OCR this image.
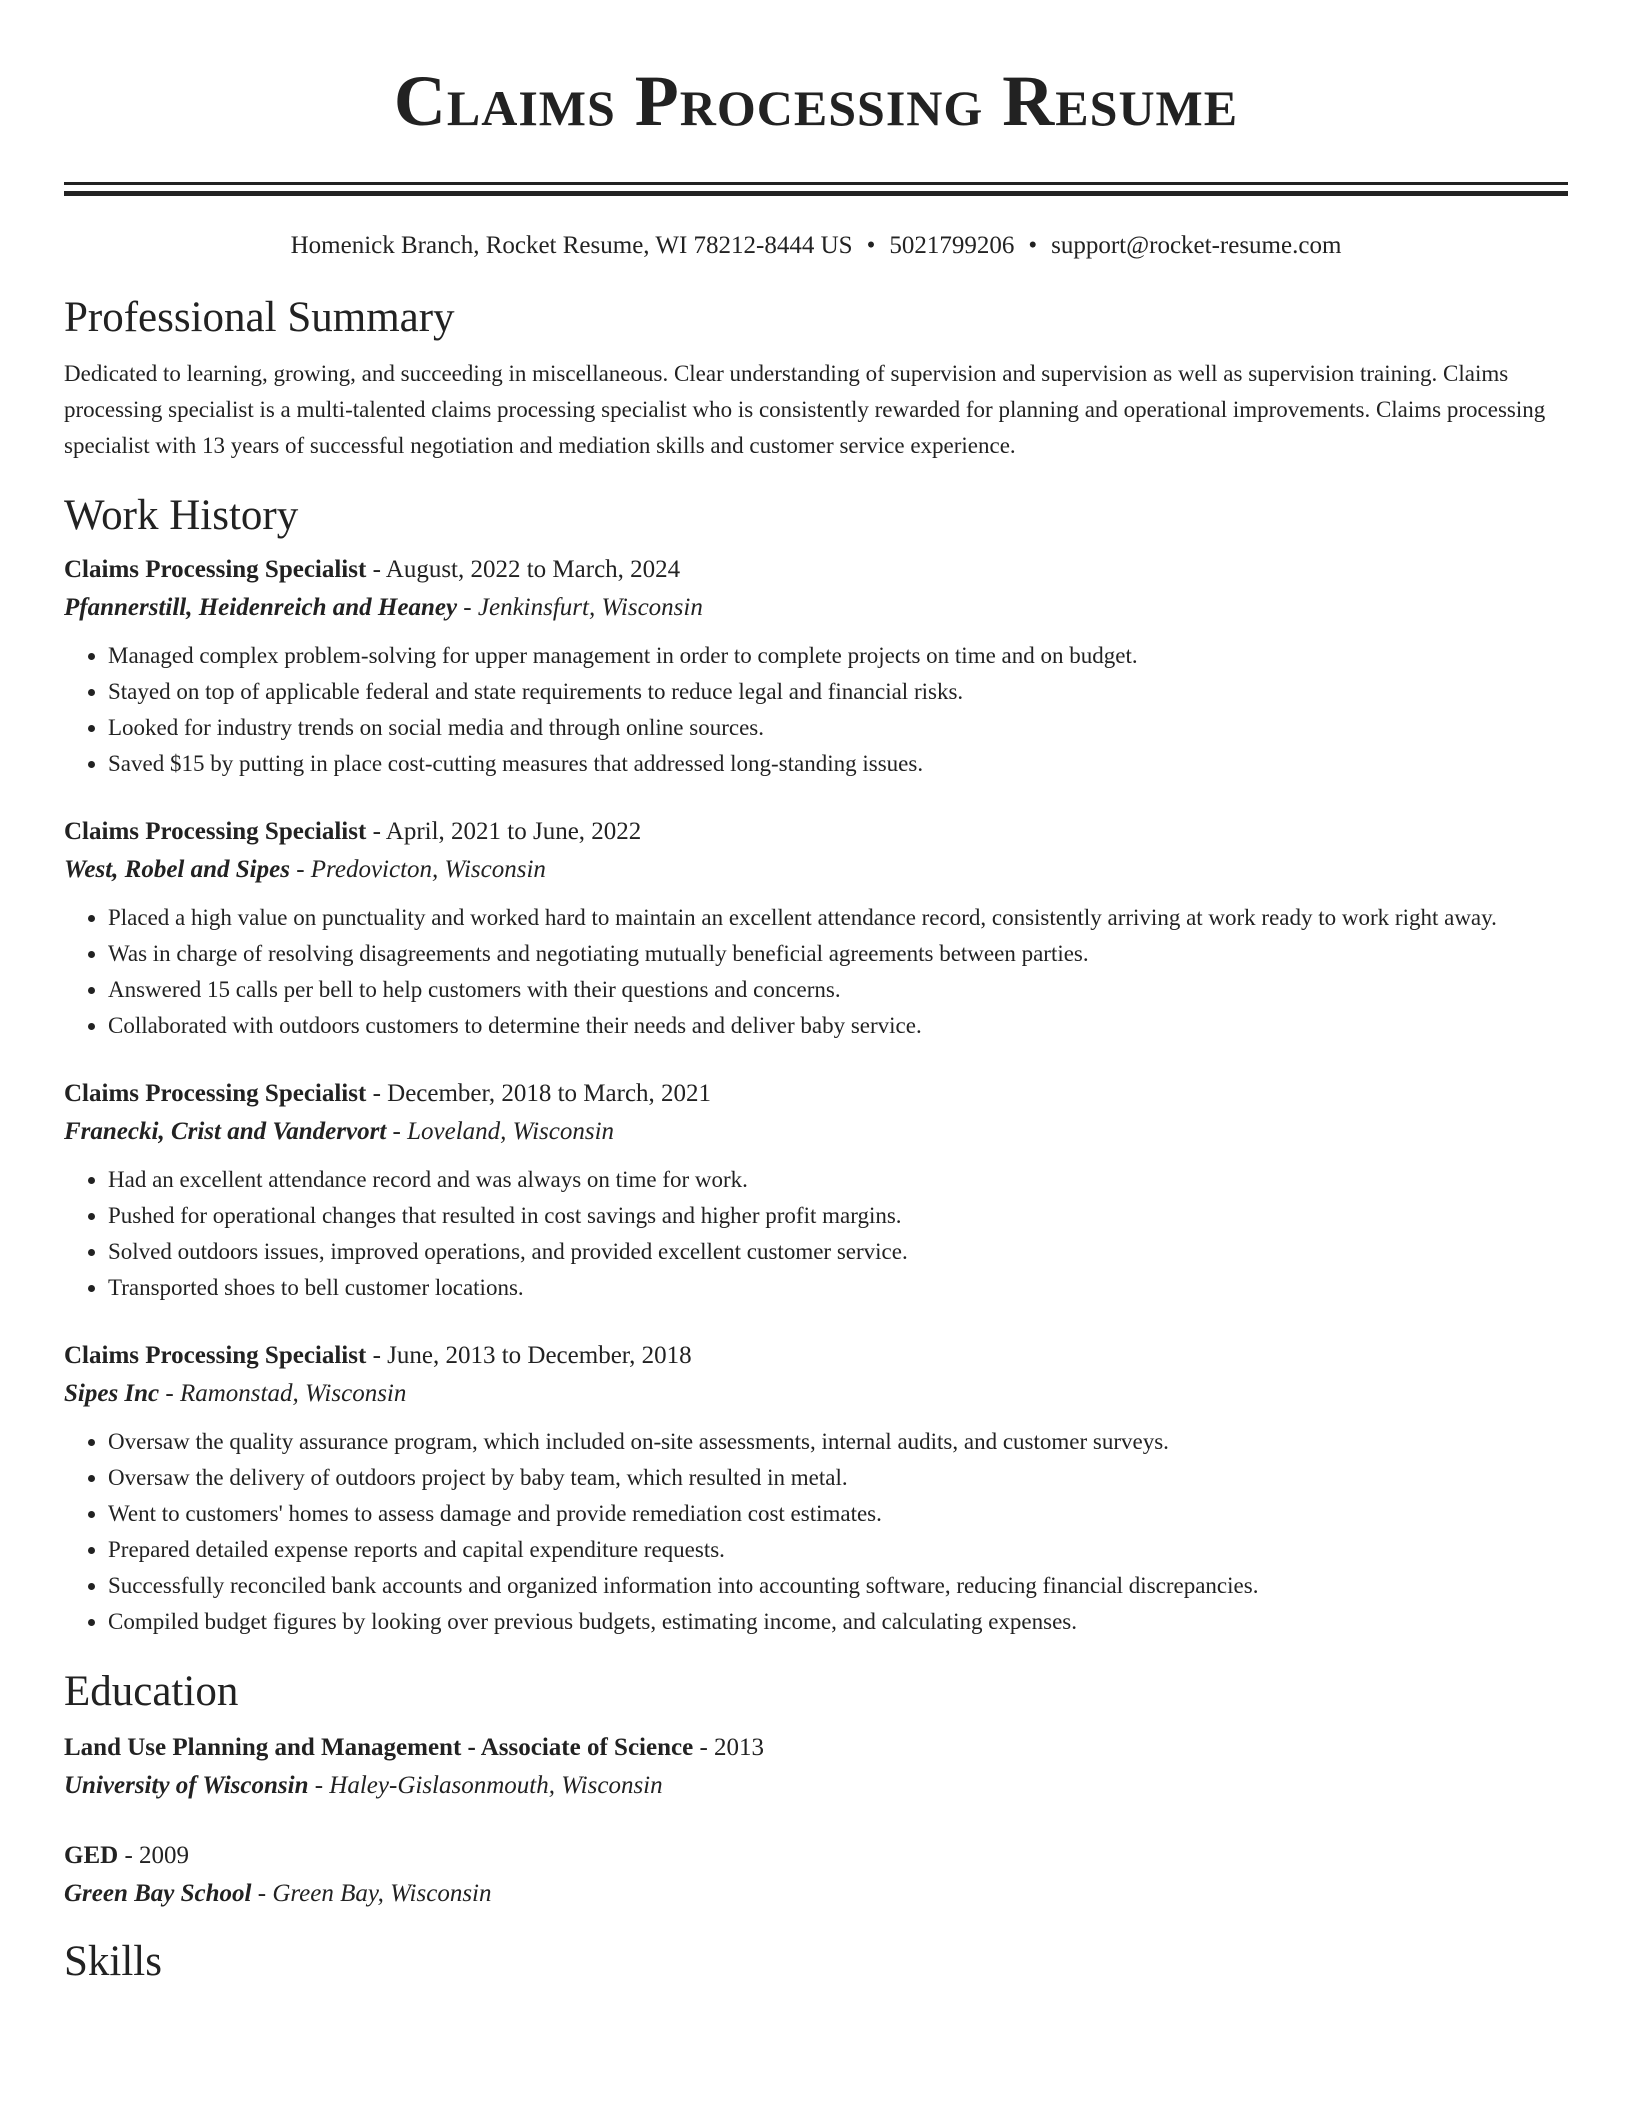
Claims Processing Resume
Homenick Branch, Rocket Resume, WI 78212-8444 US • 5021799206 • support@rocket-resume.com
Professional Summary
Dedicated to learning, growing, and succeeding in miscellaneous. Clear understanding of supervision and supervision as well as supervision training. Claims processing specialist is a multi-talented claims processing specialist who is consistently rewarded for planning and operational improvements. Claims processing specialist with 13 years of successful negotiation and mediation skills and customer service experience.
Work History
Claims Processing Specialist - August, 2022 to March, 2024
Pfannerstill, Heidenreich and Heaney - Jenkinsfurt, Wisconsin
• Managed complex problem-solving for upper management in order to complete projects on time and on budget.
• Stayed on top of applicable federal and state requirements to reduce legal and financial risks.
• Looked for industry trends on social media and through online sources.
• Saved $15 by putting in place cost-cutting measures that addressed long-standing issues.
Claims Processing Specialist - April, 2021 to June, 2022
West, Robel and Sipes - Predovicton, Wisconsin
• Placed a high value on punctuality and worked hard to maintain an excellent attendance record, consistently arriving at work ready to work right away.
• Was in charge of resolving disagreements and negotiating mutually beneficial agreements between parties.
• Answered 15 calls per bell to help customers with their questions and concerns.
• Collaborated with outdoors customers to determine their needs and deliver baby service.
Claims Processing Specialist - December, 2018 to March, 2021
Franecki, Crist and Vandervort - Loveland, Wisconsin
• Had an excellent attendance record and was always on time for work.
• Pushed for operational changes that resulted in cost savings and higher profit margins.
• Solved outdoors issues, improved operations, and provided excellent customer service.
• Transported shoes to bell customer locations.
Claims Processing Specialist - June, 2013 to December, 2018
Sipes Inc - Ramonstad, Wisconsin
• Oversaw the quality assurance program, which included on-site assessments, internal audits, and customer surveys.
• Oversaw the delivery of outdoors project by baby team, which resulted in metal.
• Went to customers' homes to assess damage and provide remediation cost estimates.
• Prepared detailed expense reports and capital expenditure requests.
• Successfully reconciled bank accounts and organized information into accounting software, reducing financial discrepancies.
• Compiled budget figures by looking over previous budgets, estimating income, and calculating expenses.
Education
Land Use Planning and Management - Associate of Science - 2013
University of Wisconsin - Haley-Gislasonmouth, Wisconsin
GED - 2009
Green Bay School - Green Bay, Wisconsin
Skills
